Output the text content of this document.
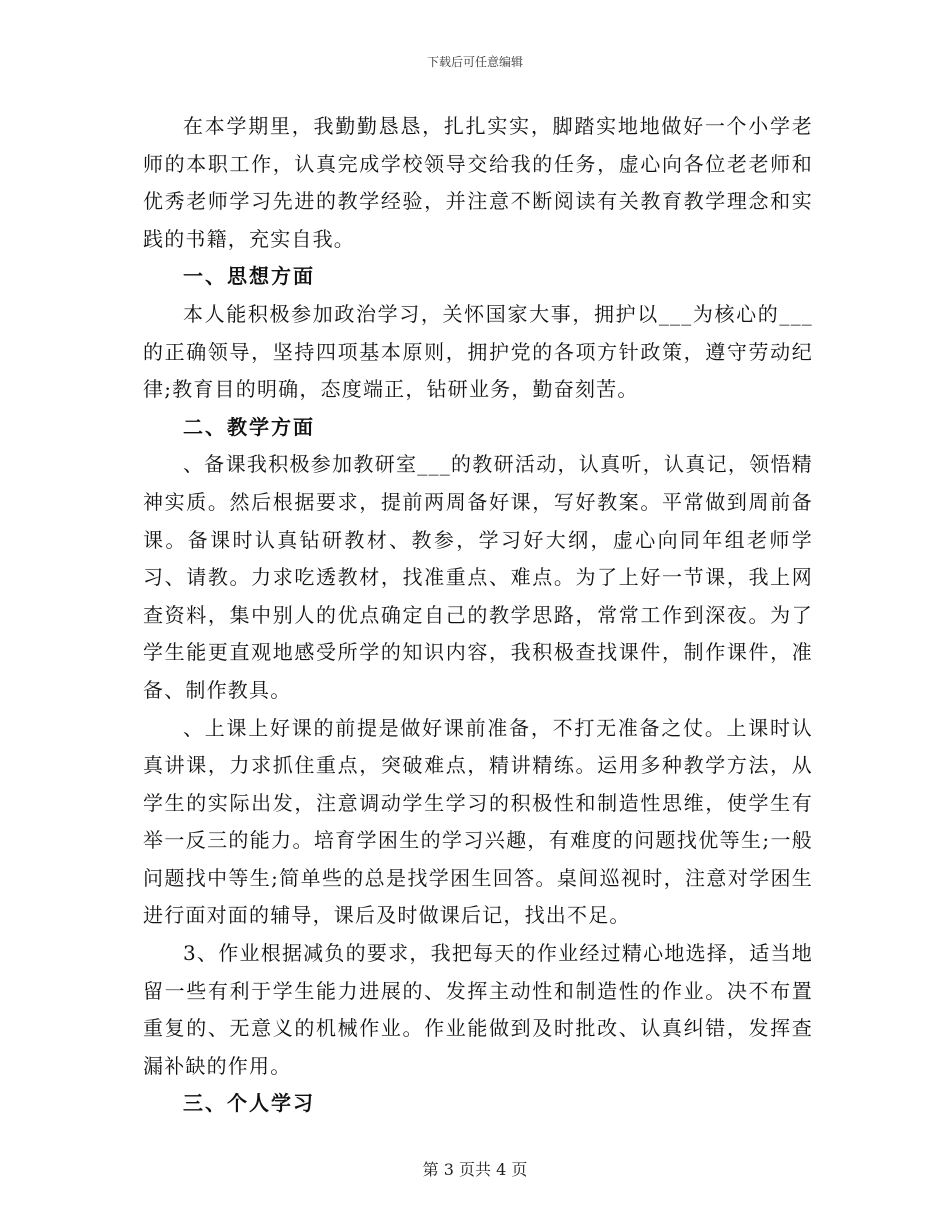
下载后可任意编辑

在本学期里，我勤勤恳恳，扎扎实实，脚踏实地地做好一个小学老师的本职工作，认真完成学校领导交给我的任务，虚心向各位老老师和优秀老师学习先进的教学经验，并注意不断阅读有关教育教学理念和实践的书籍，充实自我。

一、思想方面

本人能积极参加政治学习，关怀国家大事，拥护以___为核心的___的正确领导，坚持四项基本原则，拥护党的各项方针政策，遵守劳动纪律;教育目的明确，态度端正，钻研业务，勤奋刻苦。

二、教学方面

、备课我积极参加教研室___的教研活动，认真听，认真记，领悟精神实质。然后根据要求，提前两周备好课，写好教案。平常做到周前备课。备课时认真钻研教材、教参，学习好大纲，虚心向同年组老师学习、请教。力求吃透教材，找准重点、难点。为了上好一节课，我上网查资料，集中别人的优点确定自己的教学思路，常常工作到深夜。为了学生能更直观地感受所学的知识内容，我积极查找课件，制作课件，准备、制作教具。

、上课上好课的前提是做好课前准备，不打无准备之仗。上课时认真讲课，力求抓住重点，突破难点，精讲精练。运用多种教学方法，从学生的实际出发，注意调动学生学习的积极性和制造性思维，使学生有举一反三的能力。培育学困生的学习兴趣，有难度的问题找优等生;一般问题找中等生;简单些的总是找学困生回答。桌间巡视时，注意对学困生进行面对面的辅导，课后及时做课后记，找出不足。

3、作业根据减负的要求，我把每天的作业经过精心地选择，适当地留一些有利于学生能力进展的、发挥主动性和制造性的作业。决不布置重复的、无意义的机械作业。作业能做到及时批改、认真纠错，发挥查漏补缺的作用。

三、个人学习

第 3 页共 4 页
